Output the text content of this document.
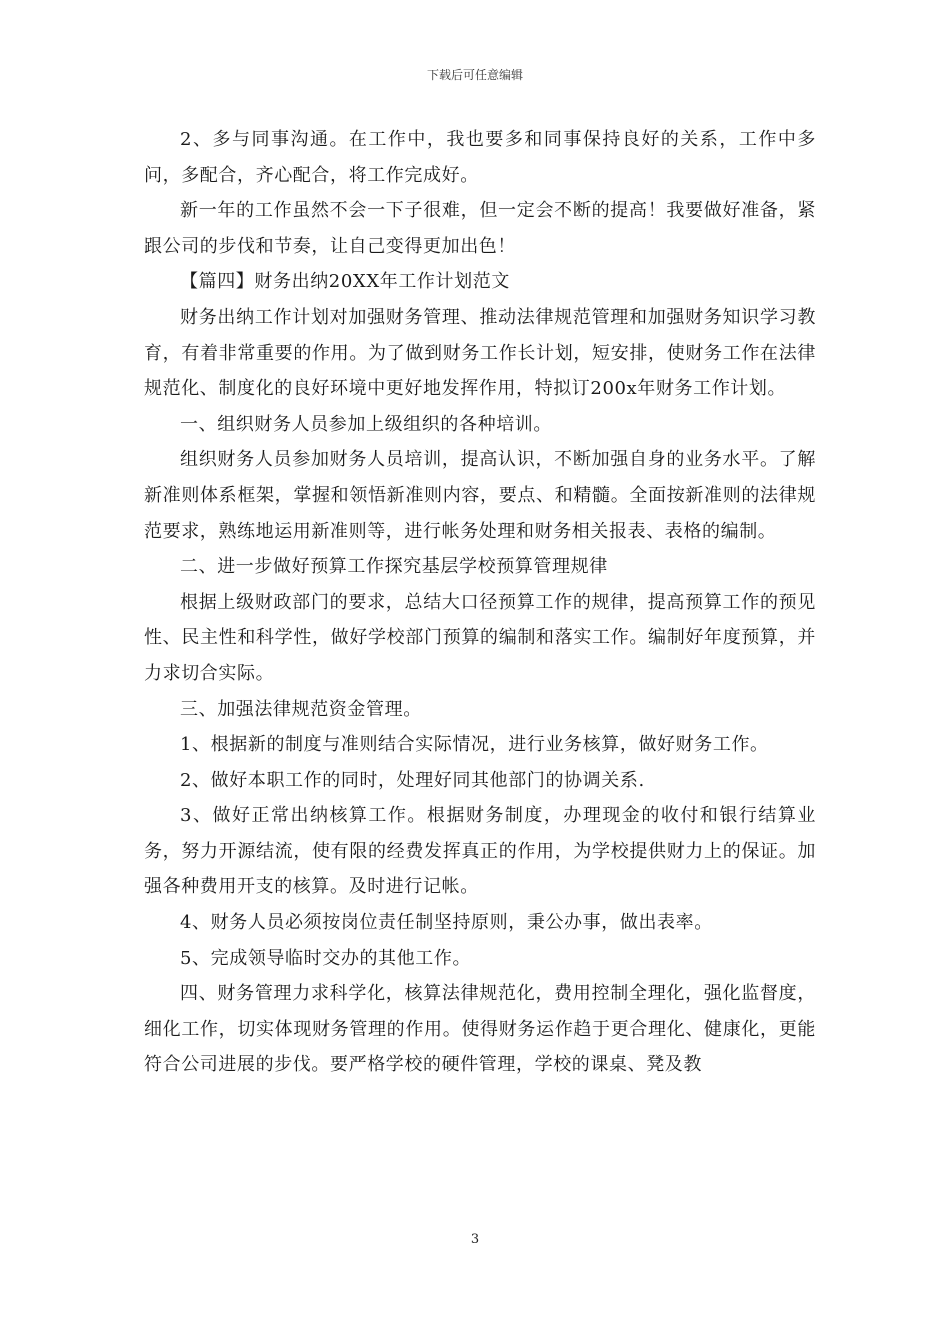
下载后可任意编辑

2、多与同事沟通。在工作中，我也要多和同事保持良好的关系，工作中多问，多配合，齐心配合，将工作完成好。

新一年的工作虽然不会一下子很难，但一定会不断的提高！我要做好准备，紧跟公司的步伐和节奏，让自己变得更加出色！

【篇四】财务出纳20XX年工作计划范文

财务出纳工作计划对加强财务管理、推动法律规范管理和加强财务知识学习教育，有着非常重要的作用。为了做到财务工作长计划，短安排，使财务工作在法律规范化、制度化的良好环境中更好地发挥作用，特拟订200x年财务工作计划。

一、组织财务人员参加上级组织的各种培训。

组织财务人员参加财务人员培训，提高认识，不断加强自身的业务水平。了解新准则体系框架，掌握和领悟新准则内容，要点、和精髓。全面按新准则的法律规范要求，熟练地运用新准则等，进行帐务处理和财务相关报表、表格的编制。

二、进一步做好预算工作探究基层学校预算管理规律

根据上级财政部门的要求，总结大口径预算工作的规律，提高预算工作的预见性、民主性和科学性，做好学校部门预算的编制和落实工作。编制好年度预算，并力求切合实际。

三、加强法律规范资金管理。

1、根据新的制度与准则结合实际情况，进行业务核算，做好财务工作。

2、做好本职工作的同时，处理好同其他部门的协调关系.

3、做好正常出纳核算工作。根据财务制度，办理现金的收付和银行结算业务，努力开源结流，使有限的经费发挥真正的作用，为学校提供财力上的保证。加强各种费用开支的核算。及时进行记帐。

4、财务人员必须按岗位责任制坚持原则，秉公办事，做出表率。

5、完成领导临时交办的其他工作。

四、财务管理力求科学化，核算法律规范化，费用控制全理化，强化监督度，细化工作，切实体现财务管理的作用。使得财务运作趋于更合理化、健康化，更能符合公司进展的步伐。要严格学校的硬件管理，学校的课桌、凳及教

3
